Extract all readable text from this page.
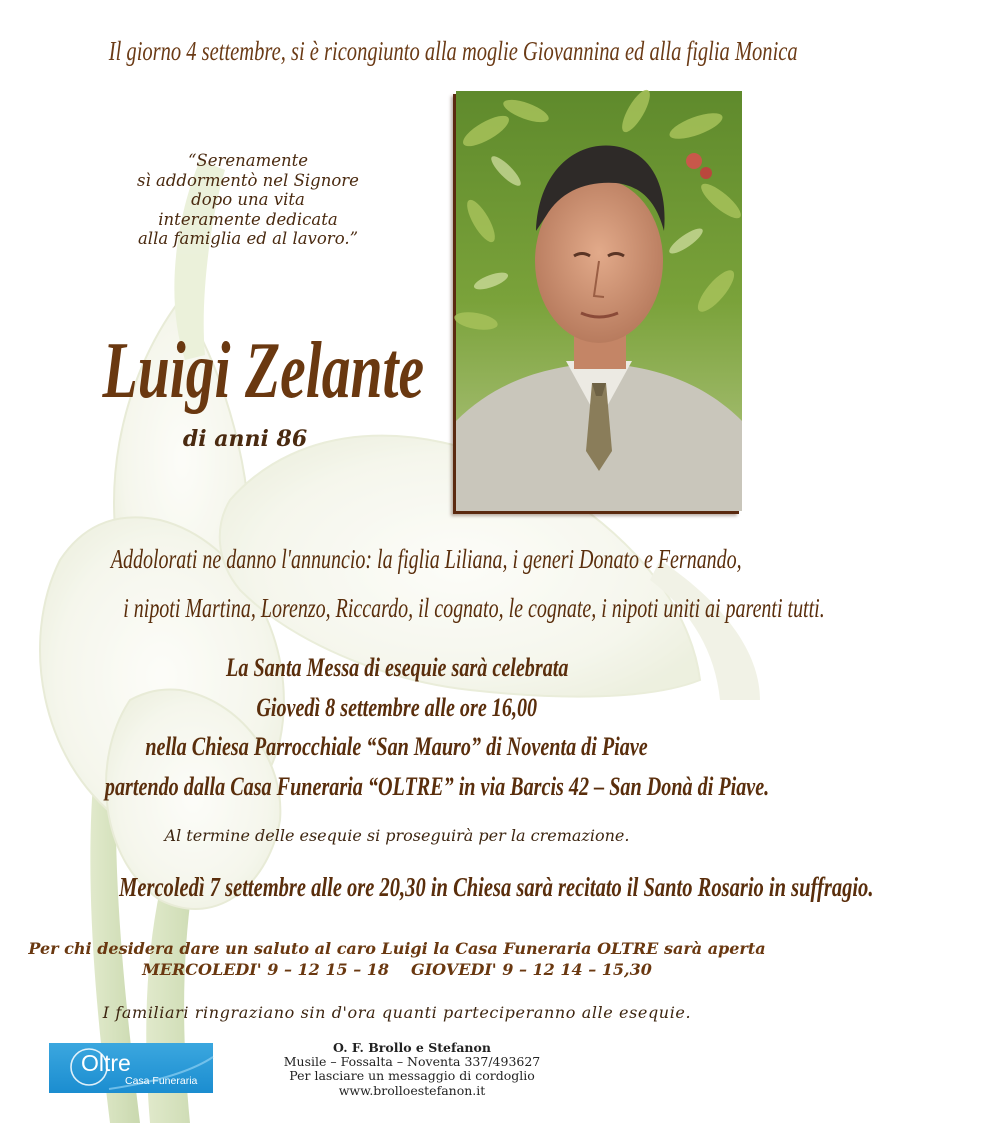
Il giorno 4 settembre, si è ricongiunto alla moglie Giovannina ed alla figlia Monica
“Serenamente
sì addormentò nel Signore
dopo una vita
interamente dedicata
alla famiglia ed al lavoro.”
Luigi Zelante
di anni 86
Addolorati ne danno l'annuncio: la figlia Liliana, i generi Donato e Fernando,
i nipoti Martina, Lorenzo, Riccardo, il cognato, le cognate, i nipoti uniti ai parenti tutti.
La Santa Messa di esequie sarà celebrata
Giovedì 8 settembre alle ore 16,00
nella Chiesa Parrocchiale “San Mauro” di Noventa di Piave
partendo dalla Casa Funeraria “OLTRE” in via Barcis 42 – San Donà di Piave.
Al termine delle esequie si proseguirà per la cremazione.
Mercoledì 7 settembre alle ore 20,30 in Chiesa sarà recitato il Santo Rosario in suffragio.
Per chi desidera dare un saluto al caro Luigi la Casa Funeraria OLTRE sarà aperta
MERCOLEDI' 9 – 12 15 – 18 GIOVEDI' 9 – 12 14 – 15,30
I familiari ringraziano sin d'ora quanti parteciperanno alle esequie.
Oltre
Casa Funeraria
O. F. Brollo e Stefanon
Musile – Fossalta – Noventa 337/493627
Per lasciare un messaggio di cordoglio
www.brolloestefanon.it
